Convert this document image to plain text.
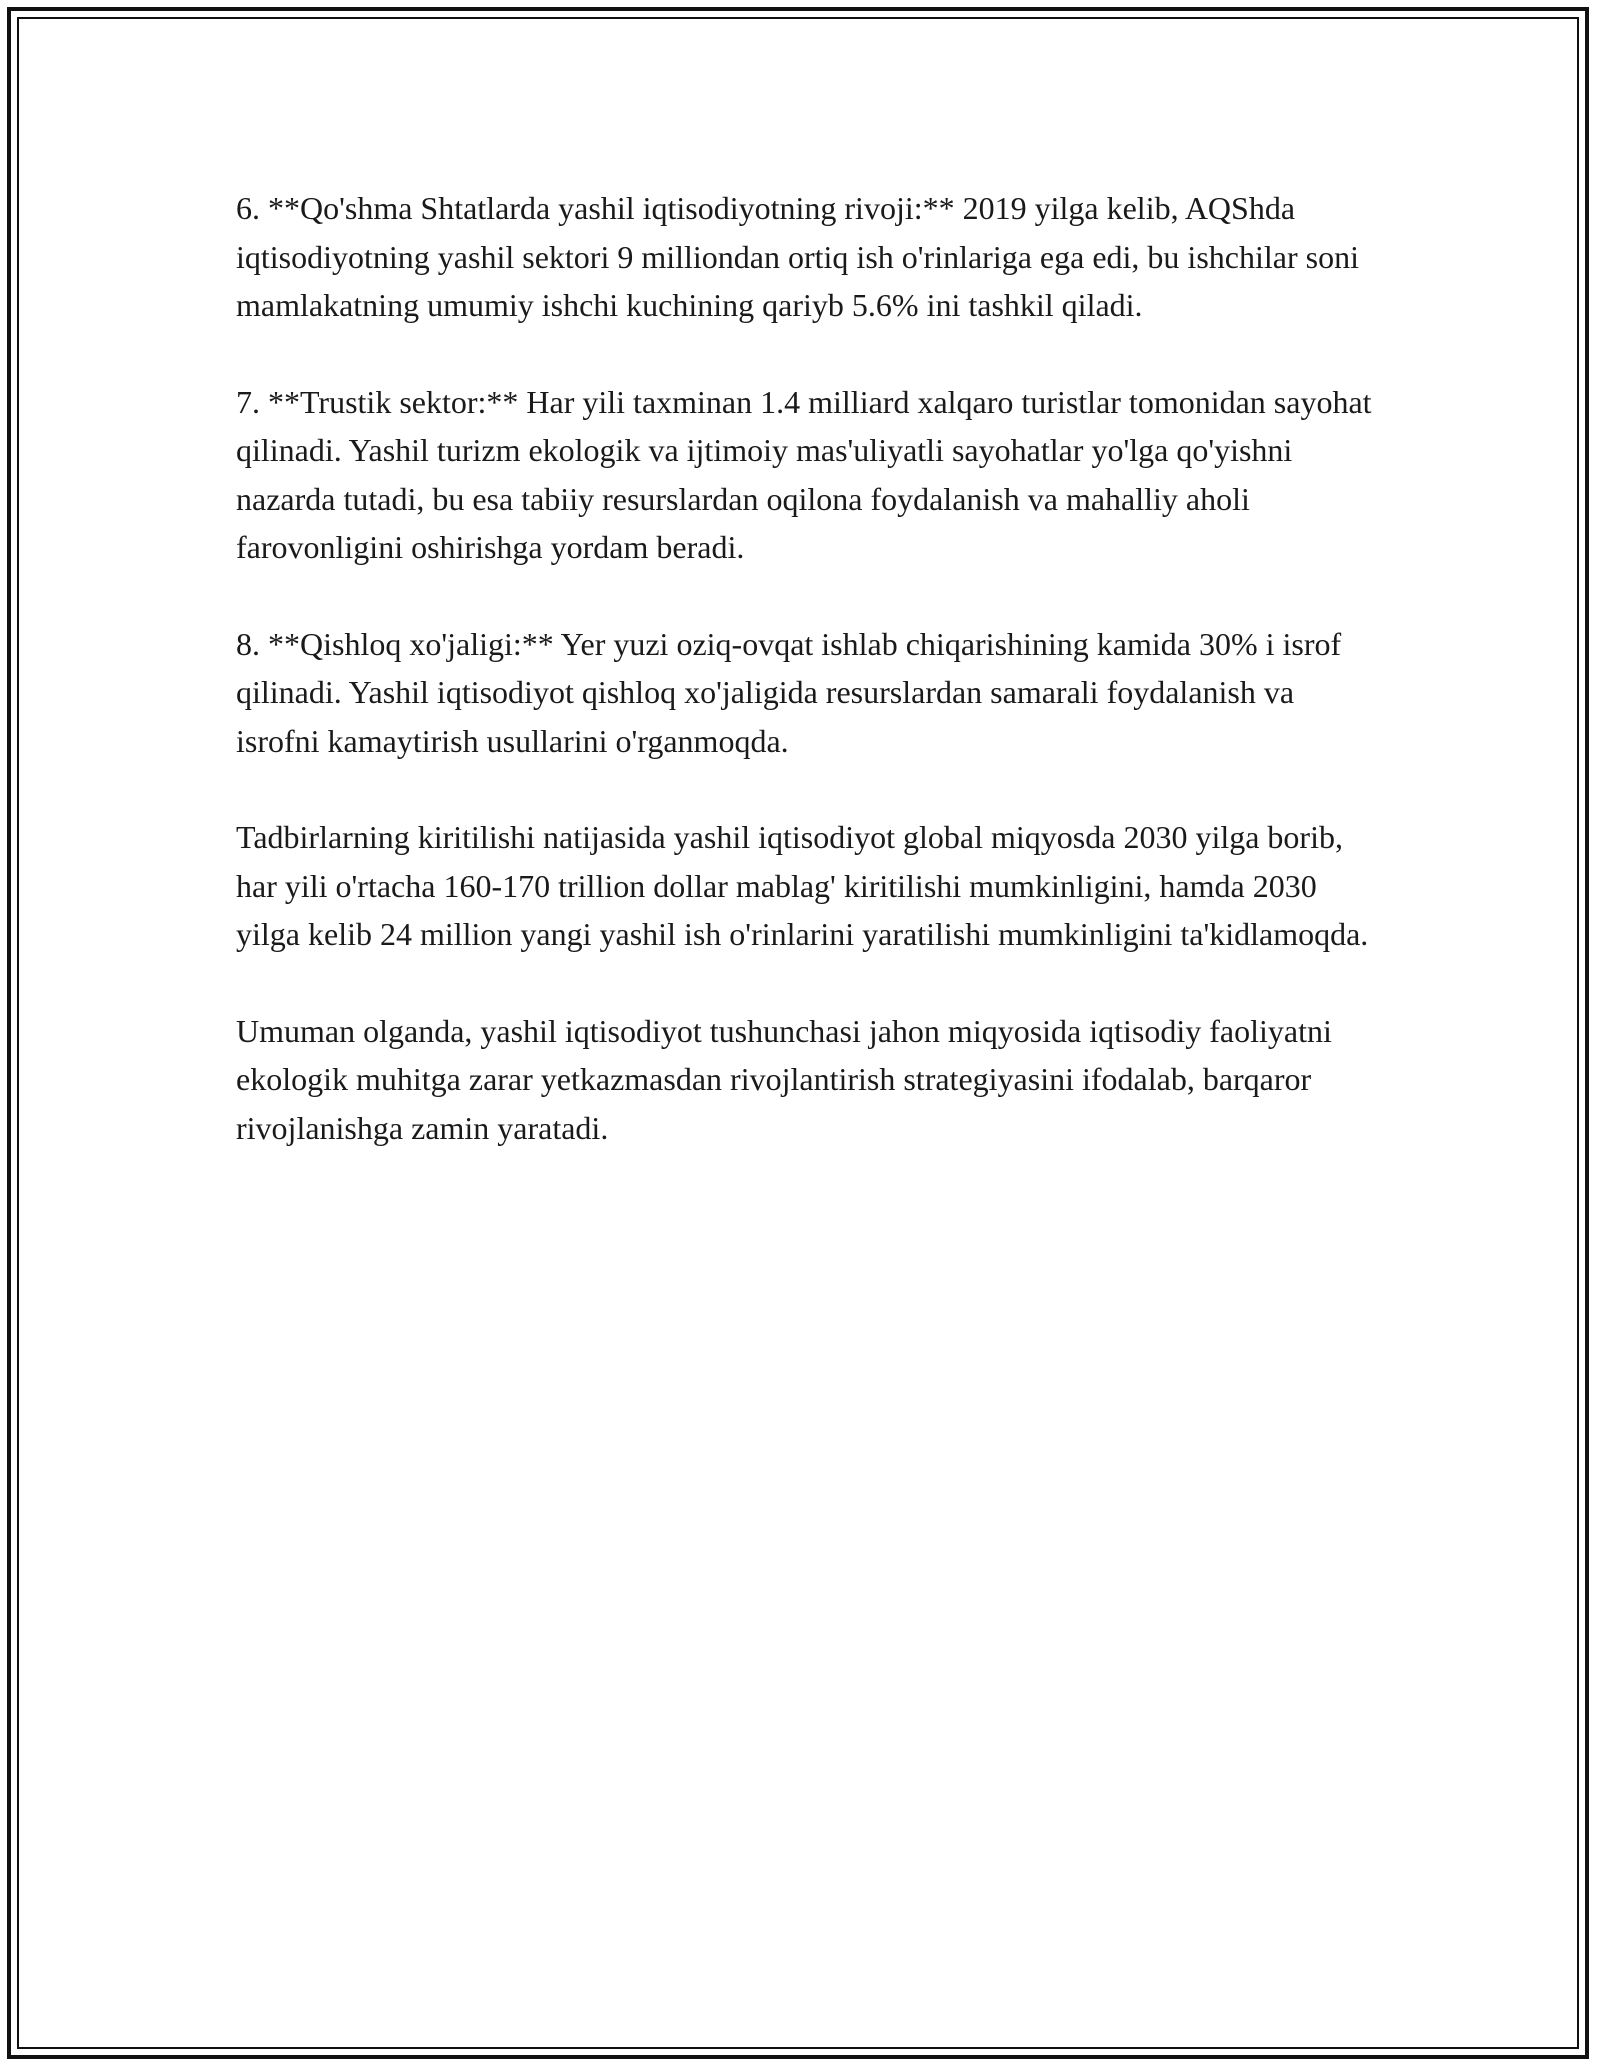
6. **Qo'shma Shtatlarda yashil iqtisodiyotning rivoji:** 2019 yilga kelib, AQShda iqtisodiyotning yashil sektori 9 milliondan ortiq ish o'rinlariga ega edi, bu ishchilar soni mamlakatning umumiy ishchi kuchining qariyb 5.6% ini tashkil qiladi.

7. **Trustik sektor:** Har yili taxminan 1.4 milliard xalqaro turistlar tomonidan sayohat qilinadi. Yashil turizm ekologik va ijtimoiy mas'uliyatli sayohatlar yo'lga qo'yishni nazarda tutadi, bu esa tabiiy resurslardan oqilona foydalanish va mahalliy aholi farovonligini oshirishga yordam beradi.

8. **Qishloq xo'jaligi:** Yer yuzi oziq-ovqat ishlab chiqarishining kamida 30% i isrof qilinadi. Yashil iqtisodiyot qishloq xo'jaligida resurslardan samarali foydalanish va isrofni kamaytirish usullarini o'rganmoqda.

Tadbirlarning kiritilishi natijasida yashil iqtisodiyot global miqyosda 2030 yilga borib, har yili o'rtacha 160-170 trillion dollar mablag' kiritilishi mumkinligini, hamda 2030 yilga kelib 24 million yangi yashil ish o'rinlarini yaratilishi mumkinligini ta'kidlamoqda.

Umuman olganda, yashil iqtisodiyot tushunchasi jahon miqyosida iqtisodiy faoliyatni ekologik muhitga zarar yetkazmasdan rivojlantirish strategiyasini ifodalab, barqaror rivojlanishga zamin yaratadi.
